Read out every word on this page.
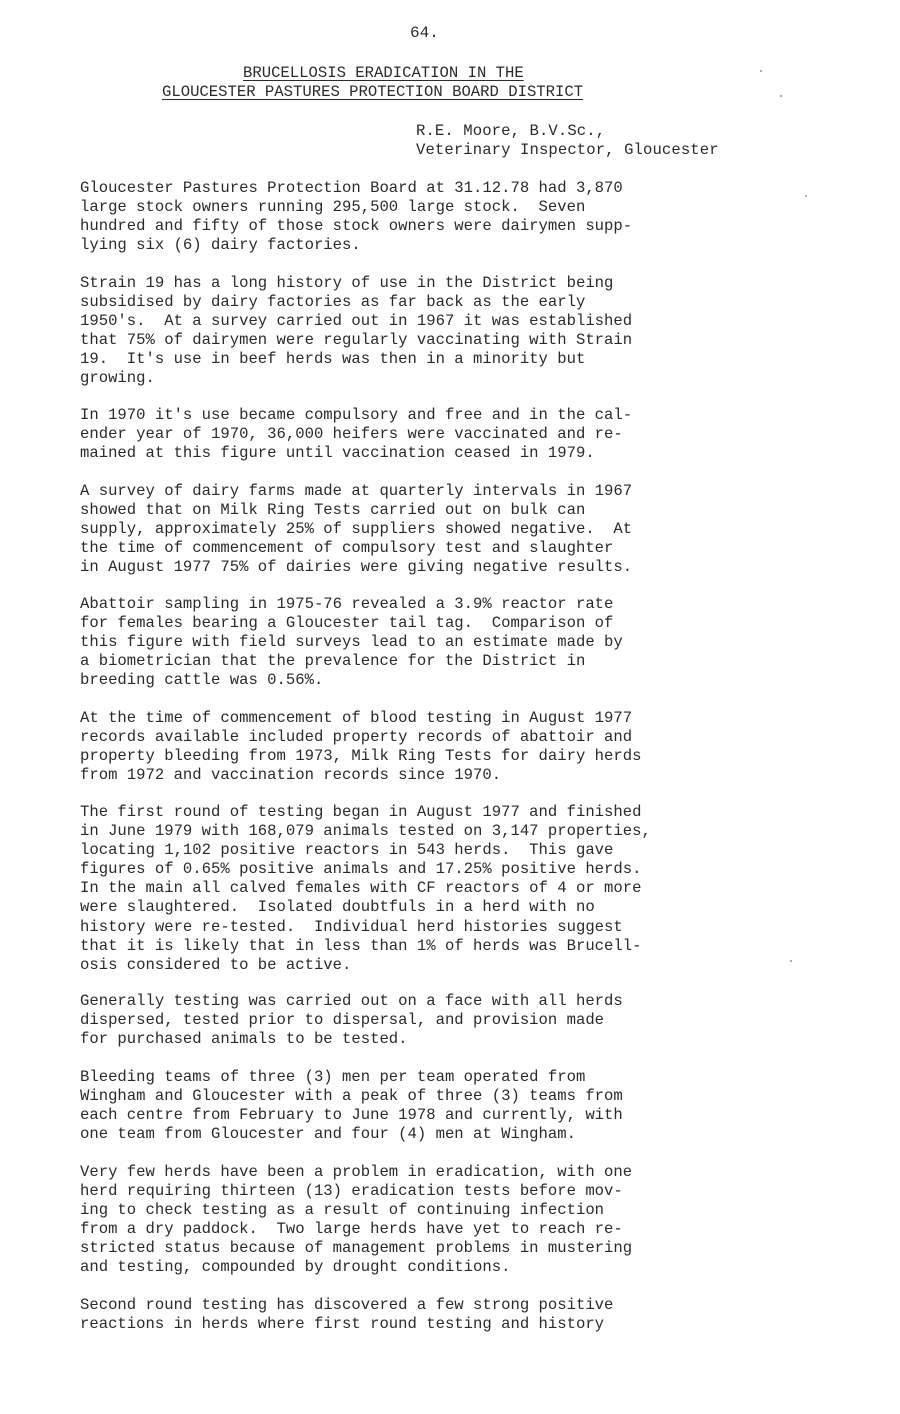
64.
BRUCELLOSIS ERADICATION IN THE
GLOUCESTER PASTURES PROTECTION BOARD DISTRICT
R.E. Moore, B.V.Sc.,
Veterinary Inspector, Gloucester
Gloucester Pastures Protection Board at 31.12.78 had 3,870
large stock owners running 295,500 large stock.  Seven
hundred and fifty of those stock owners were dairymen supp-
lying six (6) dairy factories.
Strain 19 has a long history of use in the District being
subsidised by dairy factories as far back as the early
1950's.  At a survey carried out in 1967 it was established
that 75% of dairymen were regularly vaccinating with Strain
19.  It's use in beef herds was then in a minority but
growing.
In 1970 it's use became compulsory and free and in the cal-
ender year of 1970, 36,000 heifers were vaccinated and re-
mained at this figure until vaccination ceased in 1979.
A survey of dairy farms made at quarterly intervals in 1967
showed that on Milk Ring Tests carried out on bulk can
supply, approximately 25% of suppliers showed negative.  At
the time of commencement of compulsory test and slaughter
in August 1977 75% of dairies were giving negative results.
Abattoir sampling in 1975-76 revealed a 3.9% reactor rate
for females bearing a Gloucester tail tag.  Comparison of
this figure with field surveys lead to an estimate made by
a biometrician that the prevalence for the District in
breeding cattle was 0.56%.
At the time of commencement of blood testing in August 1977
records available included property records of abattoir and
property bleeding from 1973, Milk Ring Tests for dairy herds
from 1972 and vaccination records since 1970.
The first round of testing began in August 1977 and finished
in June 1979 with 168,079 animals tested on 3,147 properties,
locating 1,102 positive reactors in 543 herds.  This gave
figures of 0.65% positive animals and 17.25% positive herds.
In the main all calved females with CF reactors of 4 or more
were slaughtered.  Isolated doubtfuls in a herd with no
history were re-tested.  Individual herd histories suggest
that it is likely that in less than 1% of herds was Brucell-
osis considered to be active.
Generally testing was carried out on a face with all herds
dispersed, tested prior to dispersal, and provision made
for purchased animals to be tested.
Bleeding teams of three (3) men per team operated from
Wingham and Gloucester with a peak of three (3) teams from
each centre from February to June 1978 and currently, with
one team from Gloucester and four (4) men at Wingham.
Very few herds have been a problem in eradication, with one
herd requiring thirteen (13) eradication tests before mov-
ing to check testing as a result of continuing infection
from a dry paddock.  Two large herds have yet to reach re-
stricted status because of management problems in mustering
and testing, compounded by drought conditions.
Second round testing has discovered a few strong positive
reactions in herds where first round testing and history
